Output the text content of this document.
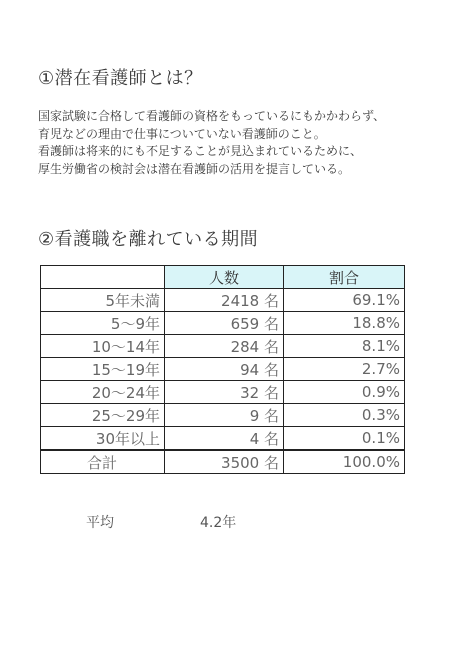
①潜在看護師とは？
国家試験に合格して看護師の資格をもっているにもかかわらず、
育児などの理由で仕事についていない看護師のこと。
看護師は将来的にも不足することが見込まれているために、
厚生労働省の検討会は潜在看護師の活用を提言している。
②看護職を離れている期間
	人数	割合
5年未満	2418 名	69.1%
5～9年	659 名	18.8%
10～14年	284 名	8.1%
15～19年	94 名	2.7%
20～24年	32 名	0.9%
25～29年	9 名	0.3%
30年以上	4 名	0.1%
合計	3500 名	100.0%
平均	4.2年
